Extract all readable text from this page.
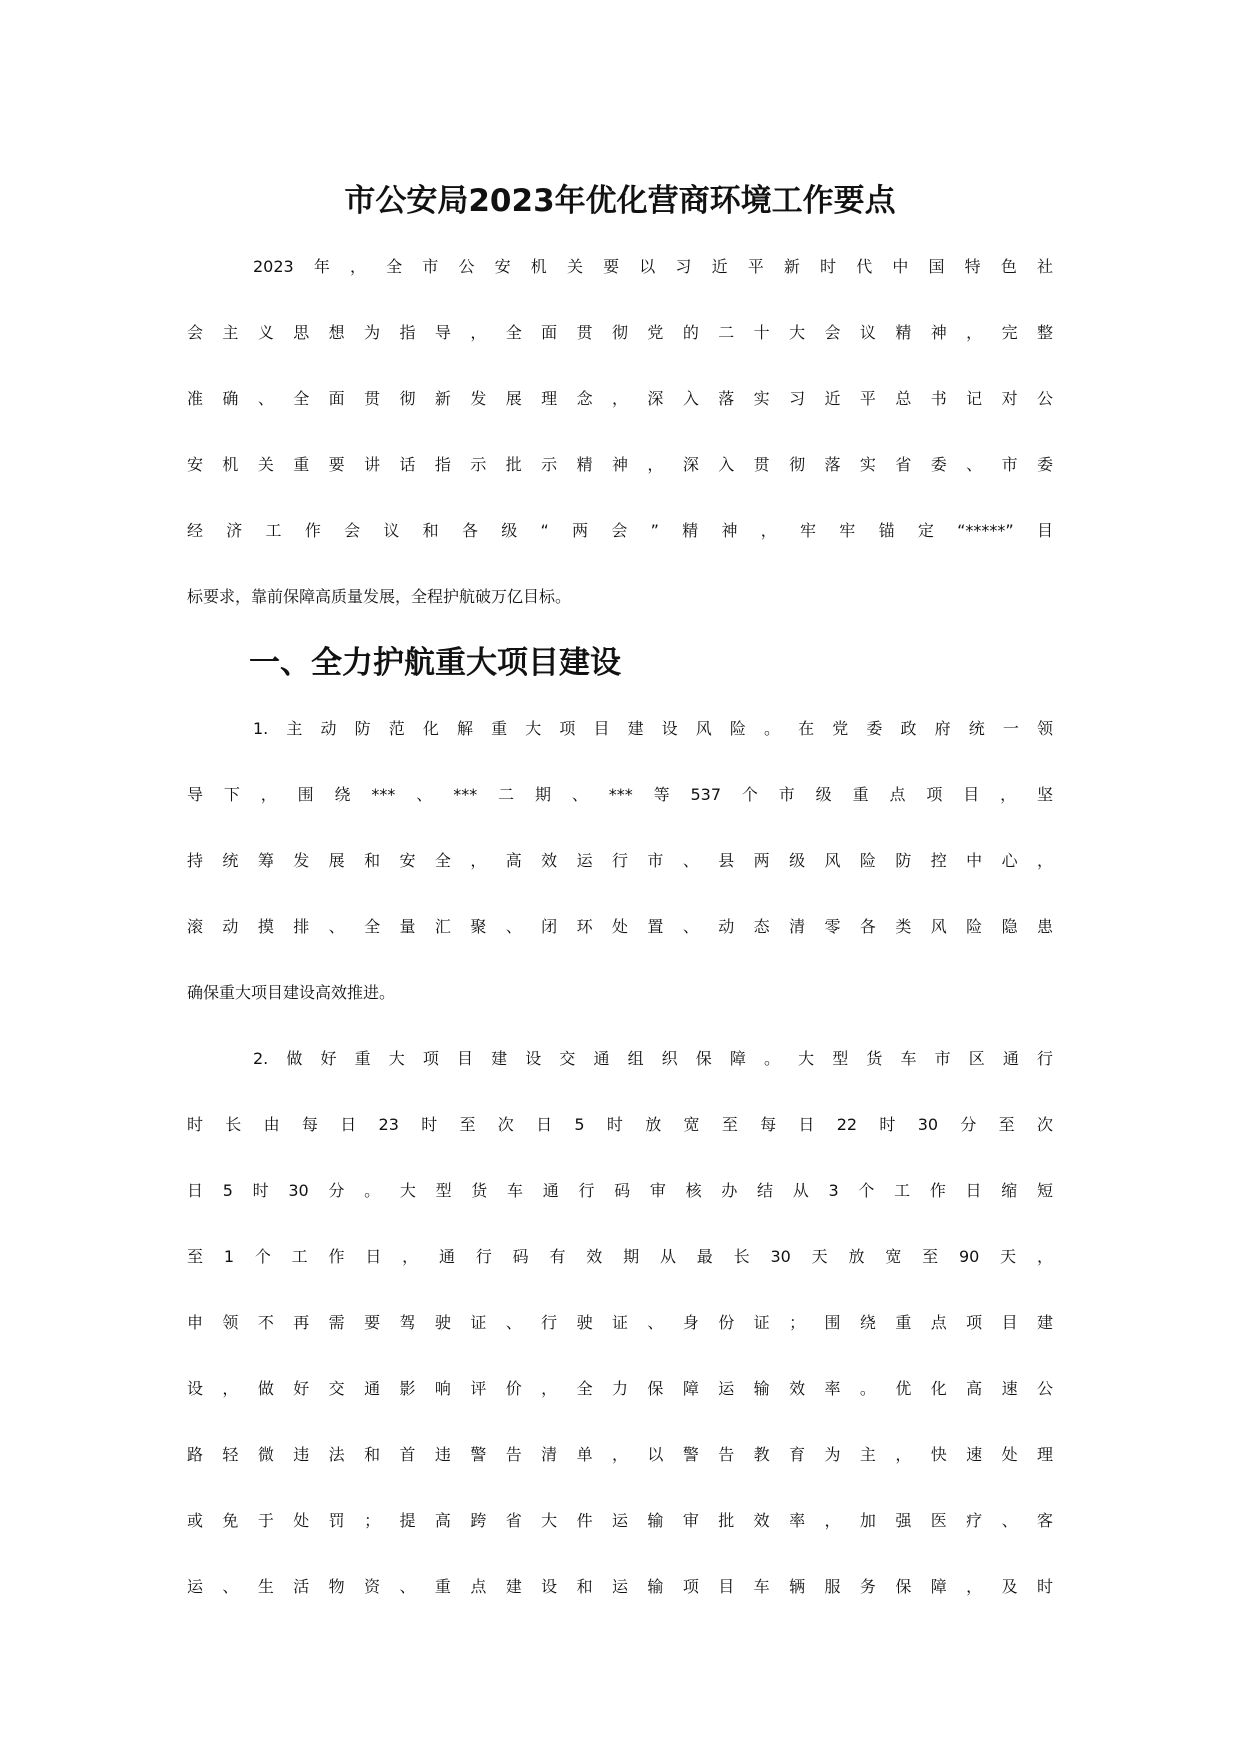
市公安局2023年优化营商环境工作要点
2023年，全市公安机关要以习近平新时代中国特色社
会主义思想为指导，全面贯彻党的二十大会议精神，完整
准确、全面贯彻新发展理念，深入落实习近平总书记对公
安机关重要讲话指示批示精神，深入贯彻落实省委、市委
经济工作会议和各级“两会”精神，牢牢锚定“*****”目
标要求，靠前保障高质量发展，全程护航破万亿目标。
一、全力护航重大项目建设
1.主动防范化解重大项目建设风险。在党委政府统一领
导下，围绕***、***二期、***等537个市级重点项目，坚
持统筹发展和安全，高效运行市、县两级风险防控中心，
滚动摸排、全量汇聚、闭环处置、动态清零各类风险隐患
确保重大项目建设高效推进。
2.做好重大项目建设交通组织保障。大型货车市区通行
时长由每日23时至次日5时放宽至每日22时30分至次
日5时30分。大型货车通行码审核办结从3个工作日缩短
至1个工作日，通行码有效期从最长30天放宽至90天，
申领不再需要驾驶证、行驶证、身份证；围绕重点项目建
设，做好交通影响评价，全力保障运输效率。优化高速公
路轻微违法和首违警告清单，以警告教育为主，快速处理
或免于处罚；提高跨省大件运输审批效率，加强医疗、客
运、生活物资、重点建设和运输项目车辆服务保障，及时
